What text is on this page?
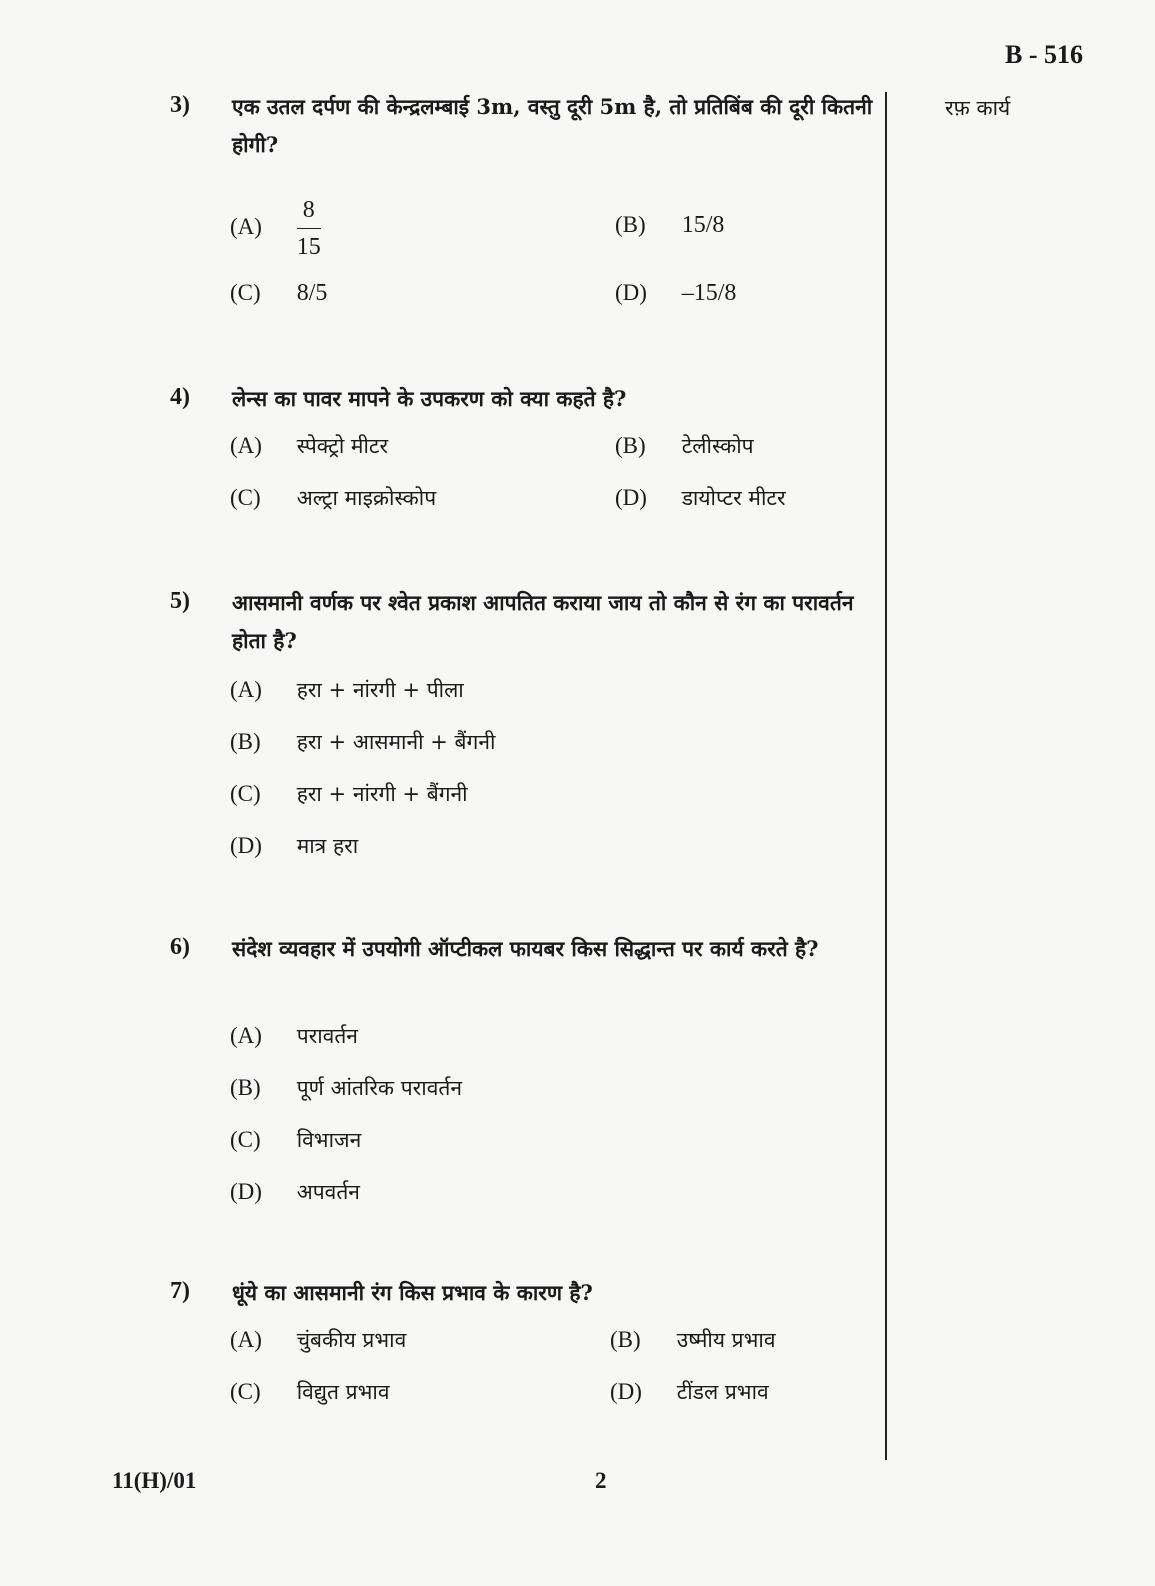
B - 516
रफ़ कार्य
3) एक उतल दर्पण की केन्द्रलम्बाई 3m, वस्तु दूरी 5m है, तो प्रतिबिंब की दूरी कितनी होगी?
$(A) \frac{8}{15}$	(B) 15/8
(C) 8/5	(D) –15/8
4) लेन्स का पावर मापने के उपकरण को क्या कहते है?
(A) स्पेक्ट्रो मीटर	(B) टेलीस्कोप
(C) अल्ट्रा माइक्रोस्कोप	(D) डायोप्टर मीटर
5) आसमानी वर्णक पर श्वेत प्रकाश आपतित कराया जाय तो कौन से रंग का परावर्तन होता है?
(A) हरा + नांरगी + पीला
(B) हरा + आसमानी + बैंगनी
(C) हरा + नांरगी + बैंगनी
(D) मात्र हरा
6) संदेश व्यवहार में उपयोगी ऑप्टीकल फायबर किस सिद्धान्त पर कार्य करते है?
(A) परावर्तन
(B) पूर्ण आंतरिक परावर्तन
(C) विभाजन
(D) अपवर्तन
7) धूंये का आसमानी रंग किस प्रभाव के कारण है?
(A) चुंबकीय प्रभाव	(B) उष्मीय प्रभाव
(C) विद्युत प्रभाव	(D) टींडल प्रभाव
11(H)/01	2
